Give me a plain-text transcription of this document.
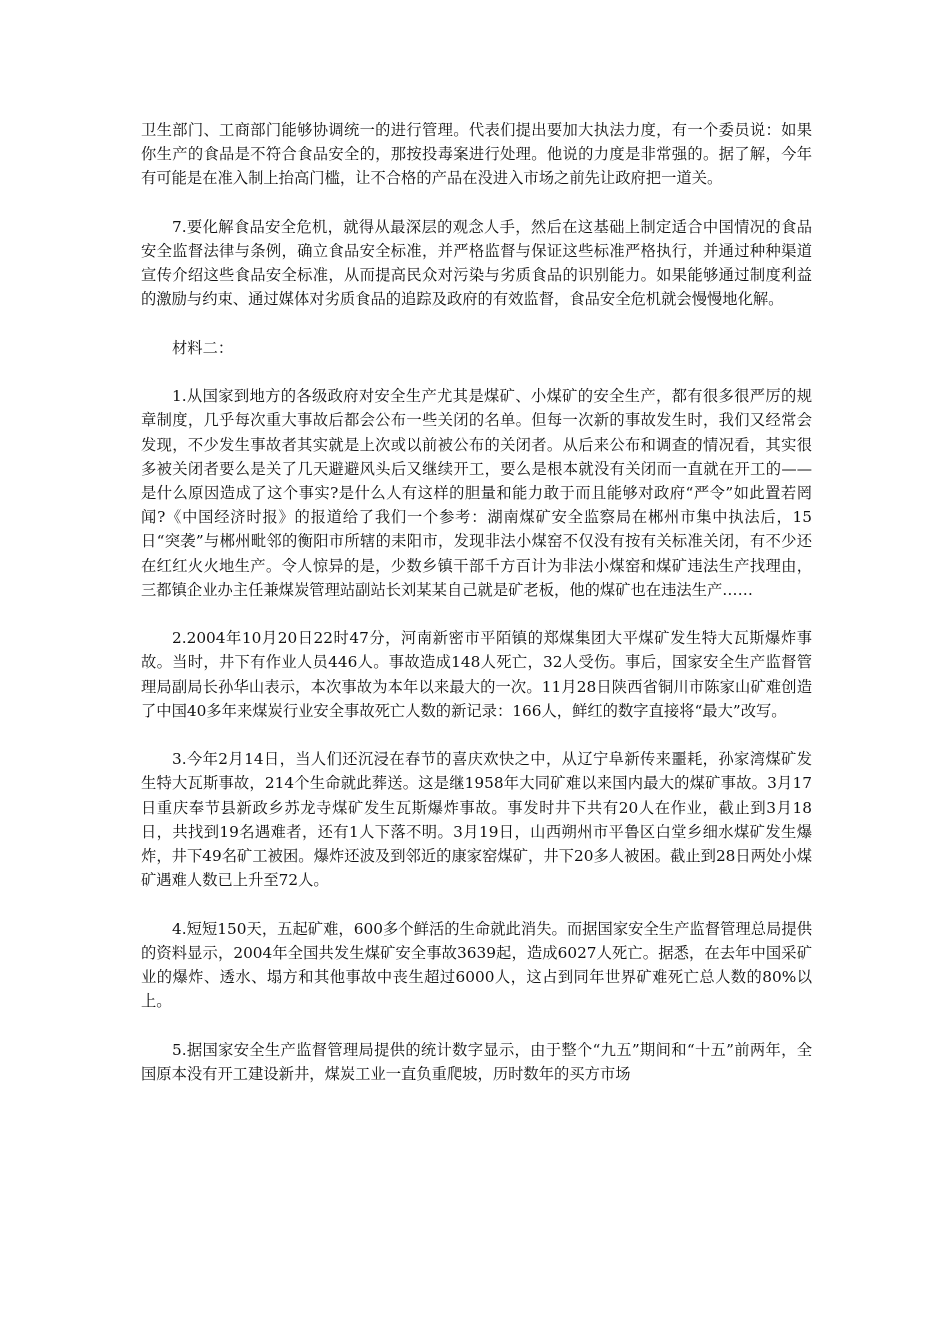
卫生部门、工商部门能够协调统一的进行管理。代表们提出要加大执法力度，有一个委员说：如果你生产的食品是不符合食品安全的，那按投毒案进行处理。他说的力度是非常强的。据了解，今年有可能是在准入制上抬高门槛，让不合格的产品在没进入市场之前先让政府把一道关。

7.要化解食品安全危机，就得从最深层的观念人手，然后在这基础上制定适合中国情况的食品安全监督法律与条例，确立食品安全标准，并严格监督与保证这些标准严格执行，并通过种种渠道宣传介绍这些食品安全标准，从而提高民众对污染与劣质食品的识别能力。如果能够通过制度利益的激励与约束、通过媒体对劣质食品的追踪及政府的有效监督，食品安全危机就会慢慢地化解。

材料二：

1.从国家到地方的各级政府对安全生产尤其是煤矿、小煤矿的安全生产，都有很多很严厉的规章制度，几乎每次重大事故后都会公布一些关闭的名单。但每一次新的事故发生时，我们又经常会发现，不少发生事故者其实就是上次或以前被公布的关闭者。从后来公布和调查的情况看，其实很多被关闭者要么是关了几天避避风头后又继续开工，要么是根本就没有关闭而一直就在开工的——是什么原因造成了这个事实?是什么人有这样的胆量和能力敢于而且能够对政府“严令”如此置若罔闻?《中国经济时报》的报道给了我们一个参考：湖南煤矿安全监察局在郴州市集中执法后，15日“突袭”与郴州毗邻的衡阳市所辖的耒阳市，发现非法小煤窑不仅没有按有关标准关闭，有不少还在红红火火地生产。令人惊异的是，少数乡镇干部千方百计为非法小煤窑和煤矿违法生产找理由，三都镇企业办主任兼煤炭管理站副站长刘某某自己就是矿老板，他的煤矿也在违法生产……

2.2004年10月20日22时47分，河南新密市平陌镇的郑煤集团大平煤矿发生特大瓦斯爆炸事故。当时，井下有作业人员446人。事故造成148人死亡，32人受伤。事后，国家安全生产监督管理局副局长孙华山表示，本次事故为本年以来最大的一次。11月28日陕西省铜川市陈家山矿难创造了中国40多年来煤炭行业安全事故死亡人数的新记录：166人，鲜红的数字直接将“最大”改写。

3.今年2月14日，当人们还沉浸在春节的喜庆欢快之中，从辽宁阜新传来噩耗，孙家湾煤矿发生特大瓦斯事故，214个生命就此葬送。这是继1958年大同矿难以来国内最大的煤矿事故。3月17日重庆奉节县新政乡苏龙寺煤矿发生瓦斯爆炸事故。事发时井下共有20人在作业，截止到3月18日，共找到19名遇难者，还有1人下落不明。3月19日，山西朔州市平鲁区白堂乡细水煤矿发生爆炸，井下49名矿工被困。爆炸还波及到邻近的康家窑煤矿，井下20多人被困。截止到28日两处小煤矿遇难人数已上升至72人。

4.短短150天，五起矿难，600多个鲜活的生命就此消失。而据国家安全生产监督管理总局提供的资料显示，2004年全国共发生煤矿安全事故3639起，造成6027人死亡。据悉，在去年中国采矿业的爆炸、透水、塌方和其他事故中丧生超过6000人，这占到同年世界矿难死亡总人数的80%以上。

5.据国家安全生产监督管理局提供的统计数字显示，由于整个“九五”期间和“十五”前两年，全国原本没有开工建设新井，煤炭工业一直负重爬坡，历时数年的买方市场
